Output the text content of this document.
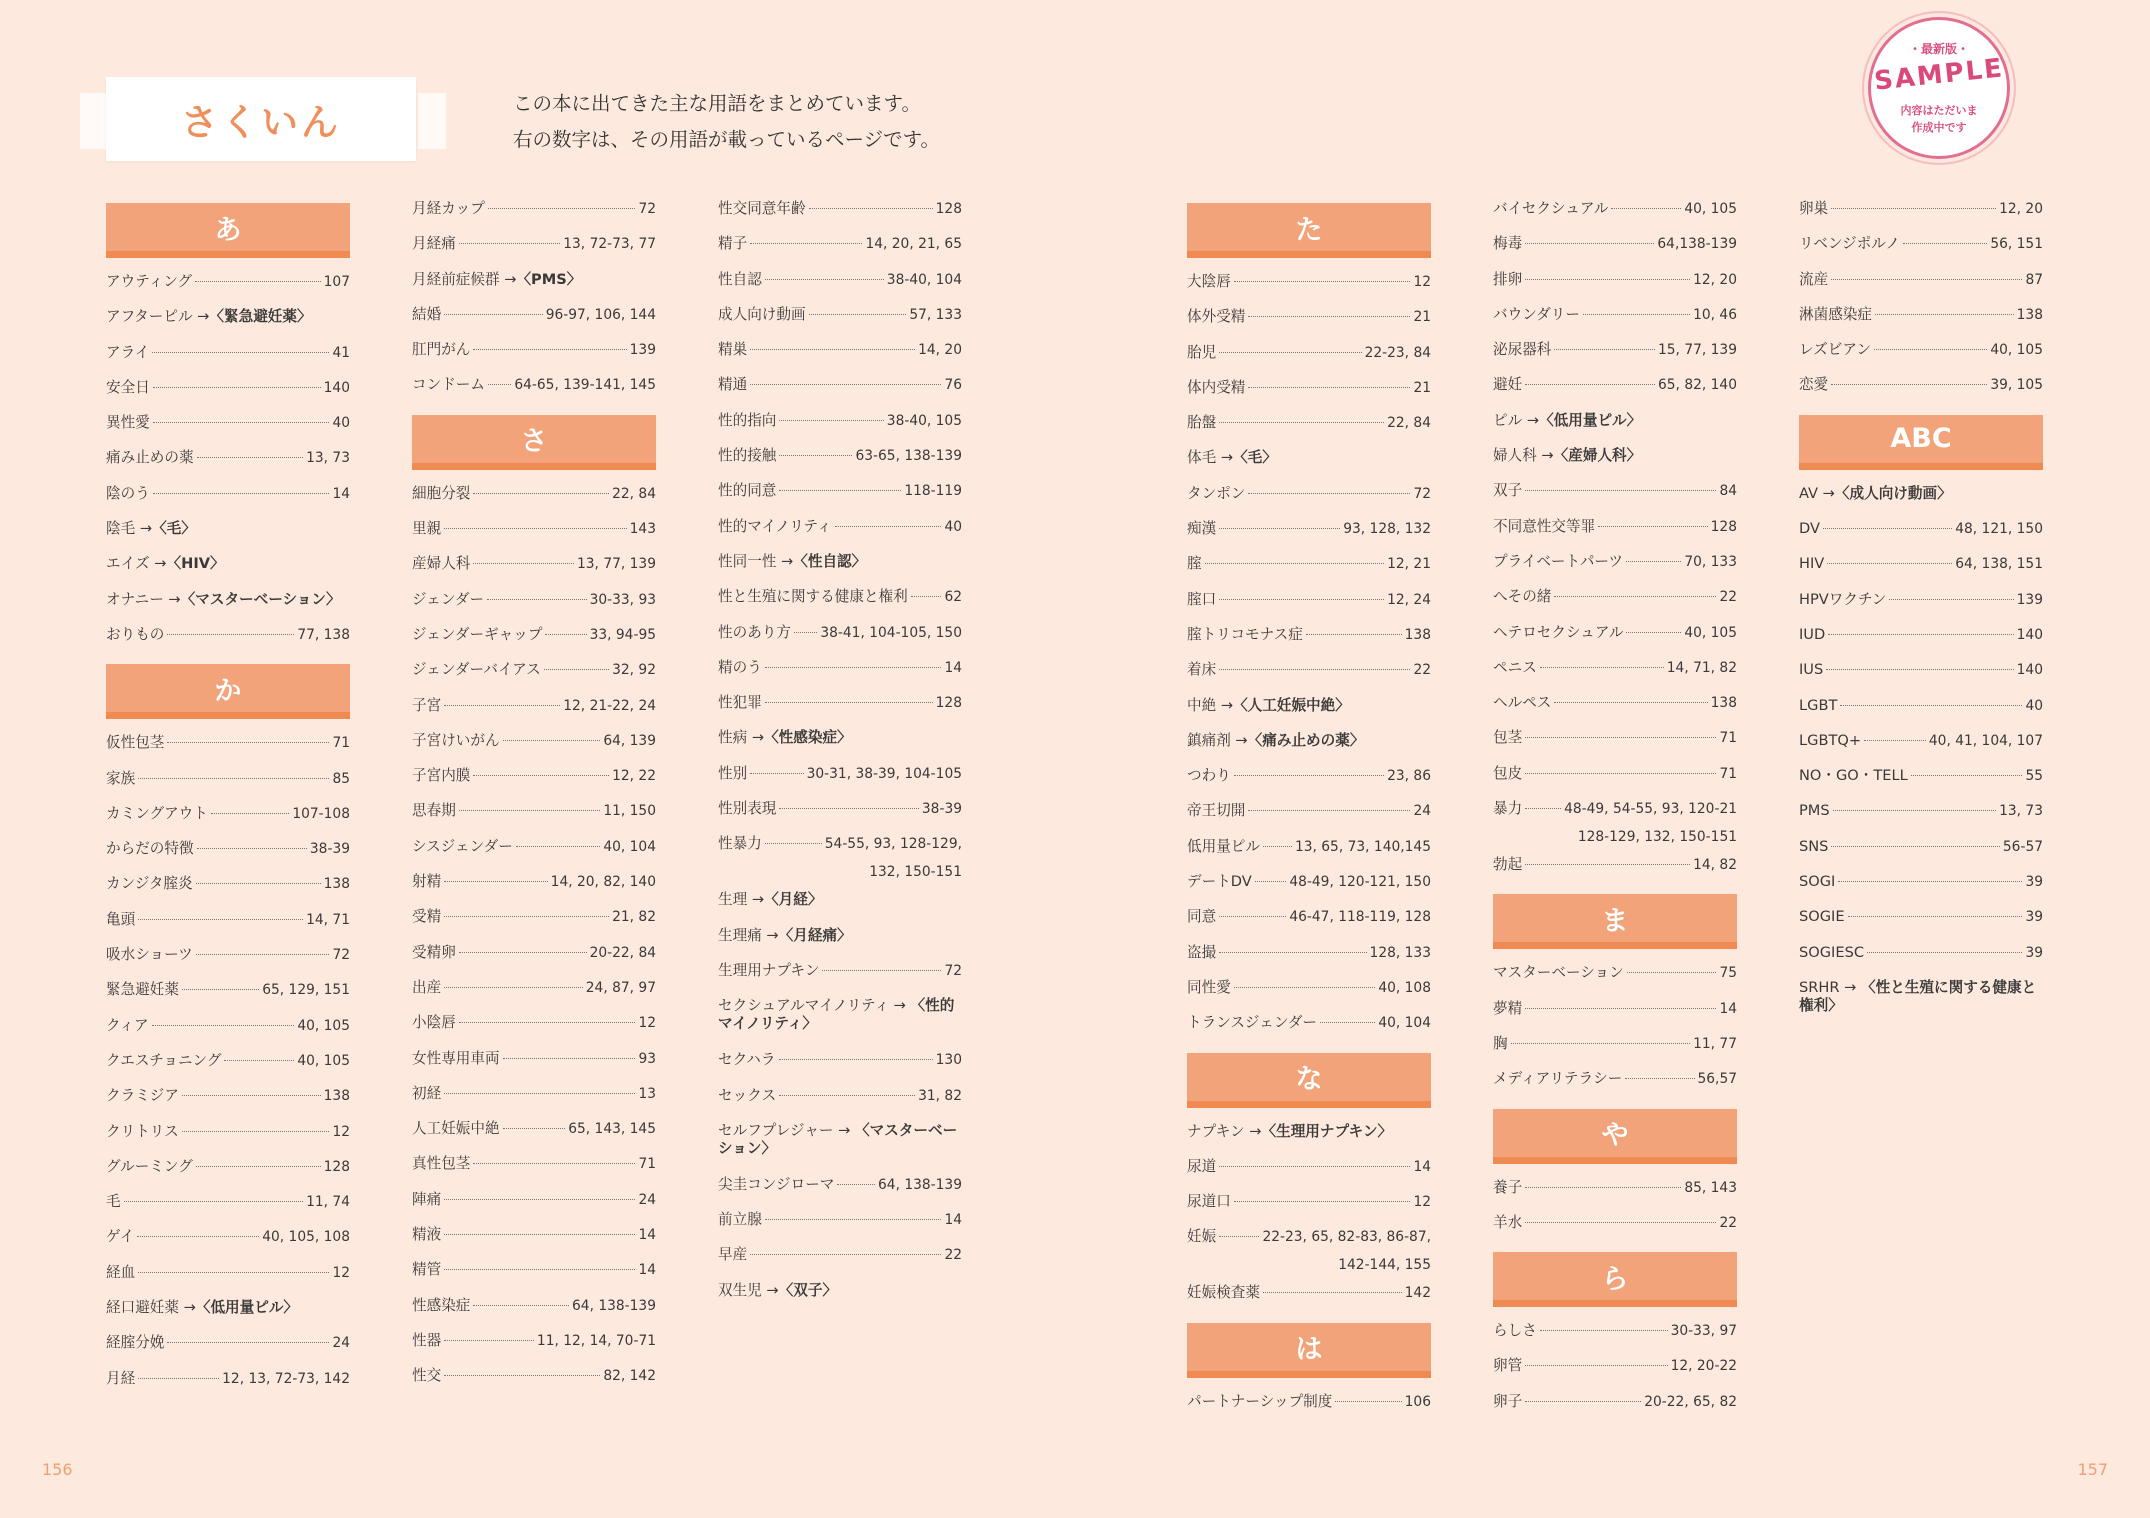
さくいん	この本に出てきた主な用語をまとめています。
右の数字は、その用語が載っているページです。
・最新版・
SAMPLE
内容はただいま
作成中です
あ
アウティング	107
アフターピル → 〈緊急避妊薬〉
アライ	41
安全日	140
異性愛	40
痛み止めの薬	13, 73
陰のう	14
陰毛 → 〈毛〉
エイズ → 〈HIV〉
オナニー → 〈マスターベーション〉
おりもの	77, 138
か
仮性包茎	71
家族	85
カミングアウト	107-108
からだの特徴	38-39
カンジタ腟炎	138
亀頭	14, 71
吸水ショーツ	72
緊急避妊薬	65, 129, 151
クィア	40, 105
クエスチョニング	40, 105
クラミジア	138
クリトリス	12
グルーミング	128
毛	11, 74
ゲイ	40, 105, 108
経血	12
経口避妊薬 → 〈低用量ピル〉
経腟分娩	24
月経	12, 13, 72-73, 142
月経カップ	72
月経痛	13, 72-73, 77
月経前症候群 → 〈PMS〉
結婚	96-97, 106, 144
肛門がん	139
コンドーム 64-65, 139-141, 145
さ
細胞分裂	22, 84
里親	143
産婦人科	13, 77, 139
ジェンダー	30-33, 93
ジェンダーギャップ	33, 94-95
ジェンダーバイアス	32, 92
子宮	12, 21-22, 24
子宮けいがん	64, 139
子宮内膜	12, 22
思春期	11, 150
シスジェンダー	40, 104
射精	14, 20, 82, 140
受精	21, 82
受精卵	20-22, 84
出産	24, 87, 97
小陰唇	12
女性専用車両	93
初経	13
人工妊娠中絶	65, 143, 145
真性包茎	71
陣痛	24
精液	14
精管	14
性感染症	64, 138-139
性器	11, 12, 14, 70-71
性交	82, 142
性交同意年齢	128
精子	14, 20, 21, 65
性自認	38-40, 104
成人向け動画	57, 133
精巣	14, 20
精通	76
性的指向	38-40, 105
性的接触	63-65, 138-139
性的同意	118-119
性的マイノリティ	40
性同一性 → 〈性自認〉
性と生殖に関する健康と権利	62
性のあり方 38-41, 104-105, 150
精のう	14
性犯罪	128
性病 → 〈性感染症〉
性別	30-31, 38-39, 104-105
性別表現	38-39
性暴力	54-55, 93, 128-129,
132, 150-151
生理 → 〈月経〉
生理痛 → 〈月経痛〉
生理用ナプキン	72
セクシュアルマイノリティ → 〈性的マイノリティ〉
セクハラ	130
セックス	31, 82
セルフプレジャー → 〈マスターベーション〉
尖圭コンジローマ	64, 138-139
前立腺	14
早産	22
双生児 → 〈双子〉
た
大陰唇	12
体外受精	21
胎児	22-23, 84
体内受精	21
胎盤	22, 84
体毛 → 〈毛〉
タンポン	72
痴漢	93, 128, 132
腟	12, 21
腟口	12, 24
腟トリコモナス症	138
着床	22
中絶 → 〈人工妊娠中絶〉
鎮痛剤 → 〈痛み止めの薬〉
つわり	23, 86
帝王切開	24
低用量ピル	13, 65, 73, 140,145
デートDV	48-49, 120-121, 150
同意	46-47, 118-119, 128
盗撮	128, 133
同性愛	40, 108
トランスジェンダー	40, 104
な
ナプキン → 〈生理用ナプキン〉
尿道	14
尿道口	12
妊娠	22-23, 65, 82-83, 86-87,
142-144, 155
妊娠検査薬	142
は
パートナーシップ制度	106
バイセクシュアル	40, 105
梅毒	64,138-139
排卵	12, 20
バウンダリー	10, 46
泌尿器科	15, 77, 139
避妊	65, 82, 140
ピル → 〈低用量ピル〉
婦人科 → 〈産婦人科〉
双子	84
不同意性交等罪	128
プライベートパーツ	70, 133
へその緒	22
ヘテロセクシュアル	40, 105
ペニス	14, 71, 82
ヘルペス	138
包茎	71
包皮	71
暴力	48-49, 54-55, 93, 120-21
128-129, 132, 150-151
勃起	14, 82
ま
マスターベーション	75
夢精	14
胸	11, 77
メディアリテラシー	56,57
や
養子	85, 143
羊水	22
ら
らしさ	30-33, 97
卵管	12, 20-22
卵子	20-22, 65, 82
卵巣	12, 20
リベンジポルノ	56, 151
流産	87
淋菌感染症	138
レズビアン	40, 105
恋愛	39, 105
ABC
AV → 〈成人向け動画〉
DV	48, 121, 150
HIV	64, 138, 151
HPVワクチン	139
IUD	140
IUS	140
LGBT	40
LGBTQ+	40, 41, 104, 107
NO・GO・TELL	55
PMS	13, 73
SNS	56-57
SOGI	39
SOGIE	39
SOGIESC	39
SRHR → 〈性と生殖に関する健康と権利〉
156	157
